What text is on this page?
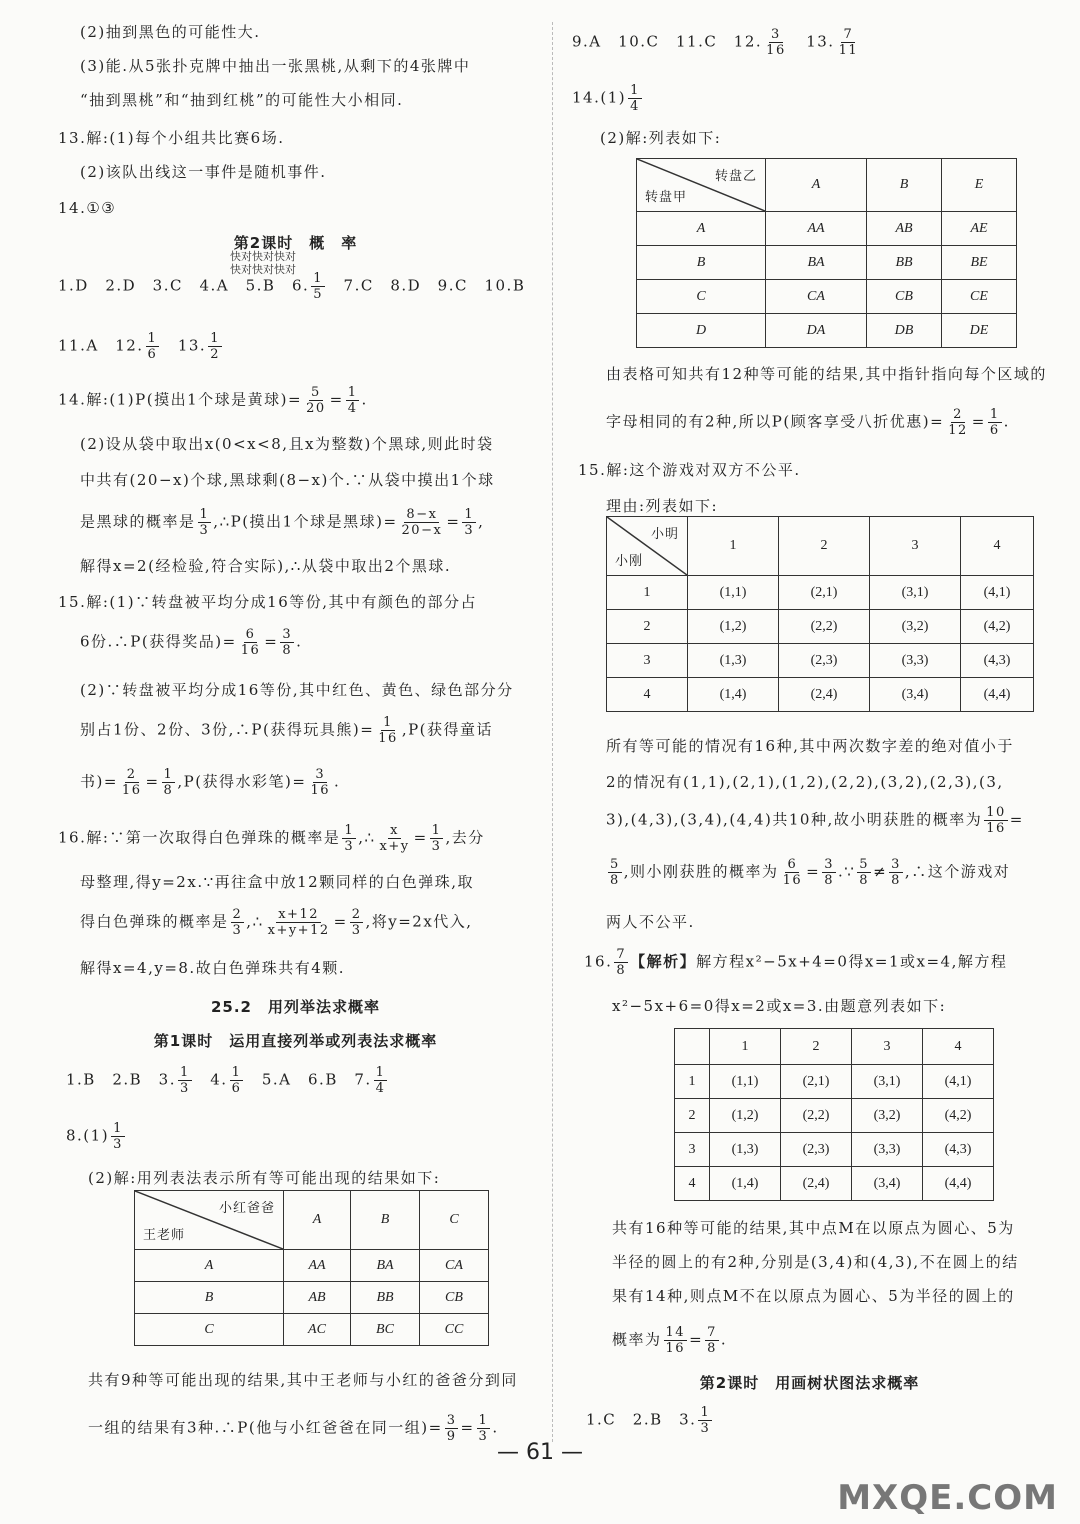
(2)抽到黑色的可能性大.
(3)能.从5张扑克牌中抽出一张黑桃,从剩下的4张牌中
“抽到黑桃”和“抽到红桃”的可能性大小相同.
13.解:(1)每个小组共比赛6场.
(2)该队出线这一事件是随机事件.
14.①③
第2课时　概　率
1.D　2.D　3.C　4.A　5.B　6. $\frac{1}{5}$ 　7.C　8.D　9.C　10.B
11.A　12. $\frac{1}{6}$ 　13. $\frac{1}{2}$
14.解:(1)P(摸出1个球是黄球)= $\frac{5}{20} = \frac{1}{4}$ .
(2)设从袋中取出x(0<x<8,且x为整数)个黑球,则此时袋
中共有(20−x)个球,黑球剩(8−x)个.∵从袋中摸出1个球
是黑球的概率是 $\frac{1}{3}$ ,∴P(摸出1个球是黑球)= $\frac{8-x}{20-x} = \frac{1}{3}$ ,
解得x=2(经检验,符合实际),∴从袋中取出2个黑球.
15.解:(1)∵转盘被平均分成16等份,其中有颜色的部分占
6份.∴P(获得奖品)= $\frac{6}{16} = \frac{3}{8}$ .
(2)∵转盘被平均分成16等份,其中红色、黄色、绿色部分分
别占1份、2份、3份,∴P(获得玩具熊)= $\frac{1}{16} ,P$(获得童话
书)= $\frac{2}{16} = \frac{1}{8} ,P$(获得水彩笔)= $\frac{3}{16}$ .
16.解:∵第一次取得白色弹珠的概率是 $\frac{1}{3}$ ,∴ $\frac{x}{x+y} = \frac{1}{3}$ ,去分
母整理,得y=2x.∵再往盒中放12颗同样的白色弹珠,取
得白色弹珠的概率是 $\frac{2}{3}$ ,∴ $\frac{x+12}{x+y+12} = \frac{2}{3}$ ,将y=2x代入,
解得x=4,y=8.故白色弹珠共有4颗.
25.2　用列举法求概率
第1课时　运用直接列举或列表法求概率
1.B　2.B　3. $\frac{1}{3}$ 　4. $\frac{1}{6}$ 　5.A　6.B　7. $\frac{1}{4}$
$8.(1) \frac{1}{3}$
(2)解:用列表法表示所有等可能出现的结果如下:
小红爸爸
王老师	A	B	C
A	AA	BA	CA
B	AB	BB	CB
C	AC	BC	CC
共有9种等可能出现的结果,其中王老师与小红的爸爸分到同
一组的结果有3种.∴P(他与小红爸爸在同一组)= $\frac{3}{9} = \frac{1}{3}$ .
9.A　10.C　11.C　12. $\frac{3}{16}$ 　13. $\frac{7}{11}$
$14.(1) \frac{1}{4}$
(2)解:列表如下:
转盘乙
转盘甲	A	B	E
A	AA	AB	AE
B	BA	BB	BE
C	CA	CB	CE
D	DA	DB	DE
由表格可知共有12种等可能的结果,其中指针指向每个区域的
字母相同的有2种,所以P(顾客享受八折优惠)= $\frac{2}{12} = \frac{1}{6}$ .
15.解:这个游戏对双方不公平.
理由:列表如下:
小明
小刚	1	2	3	4
1	(1,1)	(2,1)	(3,1)	(4,1)
2	(1,2)	(2,2)	(3,2)	(4,2)
3	(1,3)	(2,3)	(3,3)	(4,3)
4	(1,4)	(2,4)	(3,4)	(4,4)
所有等可能的情况有16种,其中两次数字差的绝对值小于
2的情况有(1,1),(2,1),(1,2),(2,2),(3,2),(2,3),(3,
3),(4,3),(3,4),(4,4)共10种,故小明获胜的概率为 $\frac{10}{16}$ =
$\frac{5}{8}$ ,则小刚获胜的概率为 $\frac{6}{16} = \frac{3}{8}$ .∵ $\frac{5}{8} \ne \frac{3}{8}$ ,∴这个游戏对
两人不公平.
16. $\frac{7}{8}$ 【解析】解方程x²−5x+4=0得x=1或x=4,解方程
x²−5x+6=0得x=2或x=3.由题意列表如下:
	1	2	3	4
1	(1,1)	(2,1)	(3,1)	(4,1)
2	(1,2)	(2,2)	(3,2)	(4,2)
3	(1,3)	(2,3)	(3,3)	(4,3)
4	(1,4)	(2,4)	(3,4)	(4,4)
共有16种等可能的结果,其中点M在以原点为圆心、5为
半径的圆上的有2种,分别是(3,4)和(4,3),不在圆上的结
果有14种,则点M不在以原点为圆心、5为半径的圆上的
概率为 $\frac{14}{16} = \frac{7}{8}$ .
第2课时　用画树状图法求概率
1.C　2.B　3. $\frac{1}{3}$
— 61 —
快对快对快对
快对快对快对
MXQE.COM
